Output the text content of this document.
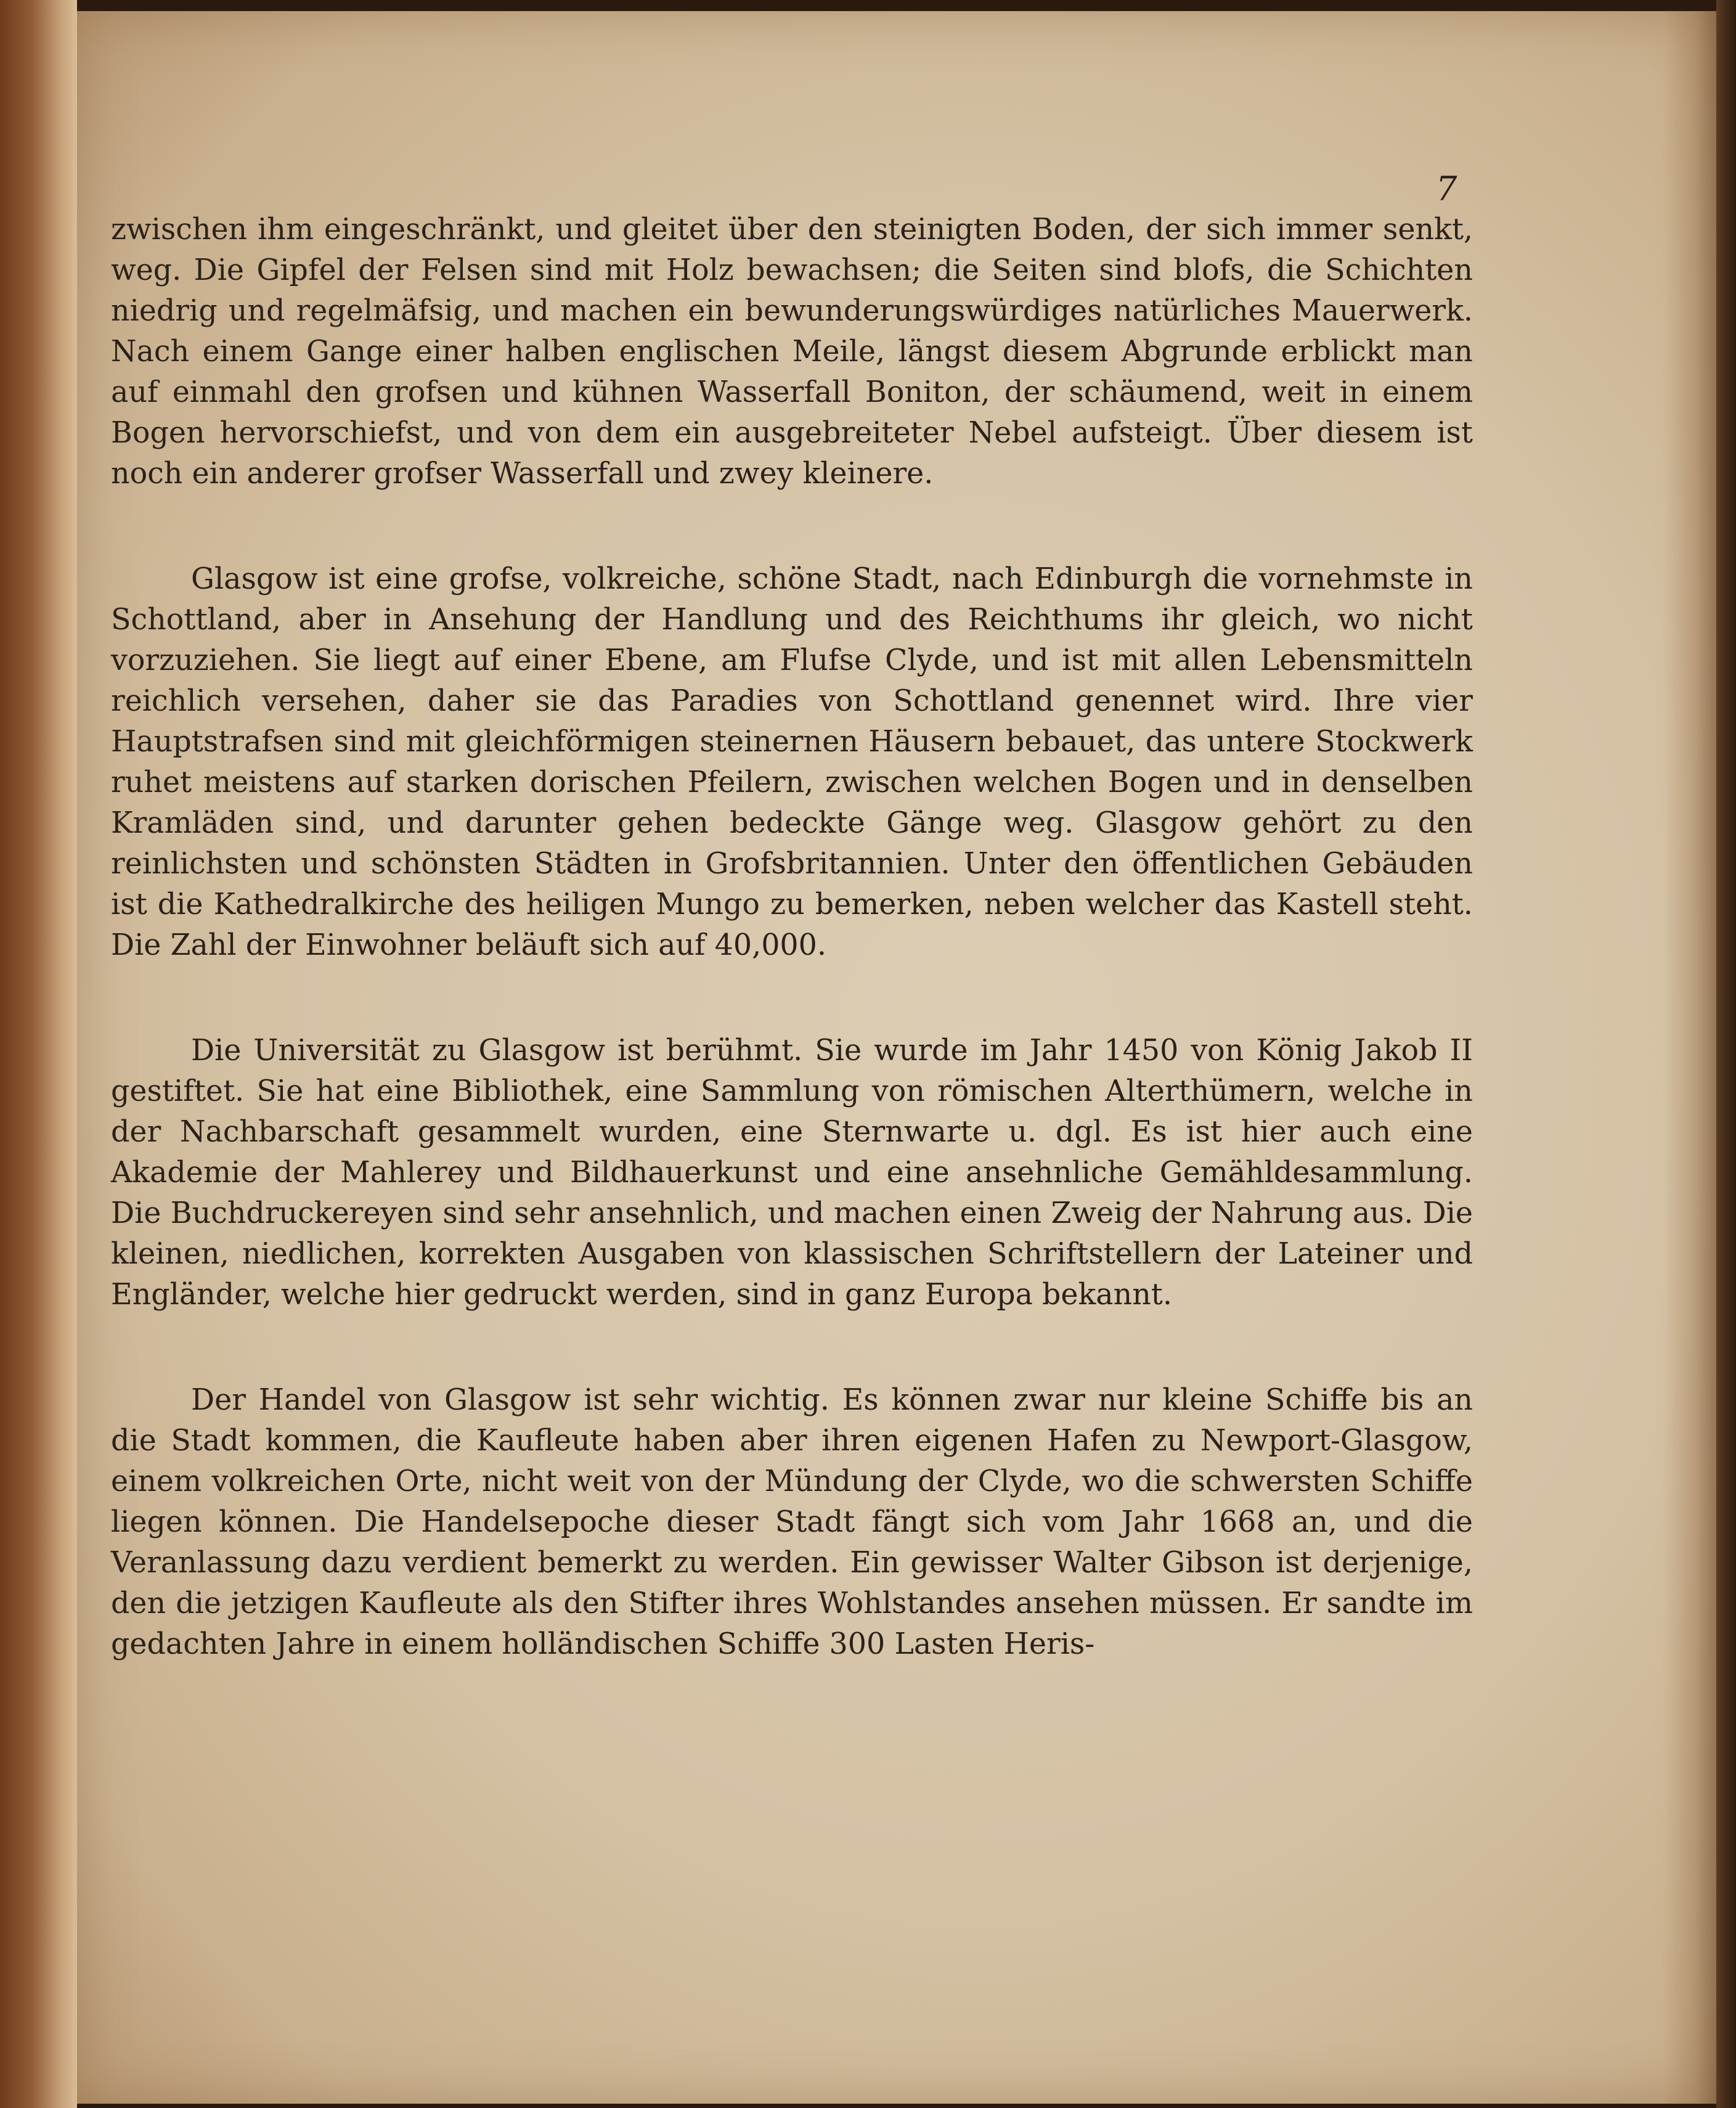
7

zwischen ihm eingeschränkt, und gleitet über den steinigten Boden, der sich immer senkt, weg. Die Gipfel der Felsen sind mit Holz bewachsen; die Seiten sind blofs, die Schichten niedrig und regelmäfsig, und machen ein bewunderungswürdiges natürliches Mauerwerk. Nach einem Gange einer halben englischen Meile, längst diesem Abgrunde erblickt man auf einmahl den grofsen und kühnen Wasserfall Boniton, der schäumend, weit in einem Bogen hervorschiefst, und von dem ein ausgebreiteter Nebel aufsteigt. Über diesem ist noch ein anderer grofser Wasserfall und zwey kleinere.

Glasgow ist eine grofse, volkreiche, schöne Stadt, nach Edinburgh die vornehmste in Schottland, aber in Ansehung der Handlung und des Reichthums ihr gleich, wo nicht vorzuziehen. Sie liegt auf einer Ebene, am Flufse Clyde, und ist mit allen Lebensmitteln reichlich versehen, daher sie das Paradies von Schottland genennet wird. Ihre vier Hauptstrafsen sind mit gleichförmigen steinernen Häusern bebauet, das untere Stockwerk ruhet meistens auf starken dorischen Pfeilern, zwischen welchen Bogen und in denselben Kramläden sind, und darunter gehen bedeckte Gänge weg. Glasgow gehört zu den reinlichsten und schönsten Städten in Grofsbritannien. Unter den öffentlichen Gebäuden ist die Kathedralkirche des heiligen Mungo zu bemerken, neben welcher das Kastell steht. Die Zahl der Einwohner beläuft sich auf 40,000.

Die Universität zu Glasgow ist berühmt. Sie wurde im Jahr 1450 von König Jakob II gestiftet. Sie hat eine Bibliothek, eine Sammlung von römischen Alterthümern, welche in der Nachbarschaft gesammelt wurden, eine Sternwarte u. dgl. Es ist hier auch eine Akademie der Mahlerey und Bildhauerkunst und eine ansehnliche Gemähldesammlung. Die Buchdruckereyen sind sehr ansehnlich, und machen einen Zweig der Nahrung aus. Die kleinen, niedlichen, korrekten Ausgaben von klassischen Schriftstellern der Lateiner und Engländer, welche hier gedruckt werden, sind in ganz Europa bekannt.

Der Handel von Glasgow ist sehr wichtig. Es können zwar nur kleine Schiffe bis an die Stadt kommen, die Kaufleute haben aber ihren eigenen Hafen zu Newport-Glasgow, einem volkreichen Orte, nicht weit von der Mündung der Clyde, wo die schwersten Schiffe liegen können. Die Handelsepoche dieser Stadt fängt sich vom Jahr 1668 an, und die Veranlassung dazu verdient bemerkt zu werden. Ein gewisser Walter Gibson ist derjenige, den die jetzigen Kaufleute als den Stifter ihres Wohlstandes ansehen müssen. Er sandte im gedachten Jahre in einem holländischen Schiffe 300 Lasten Heris-
